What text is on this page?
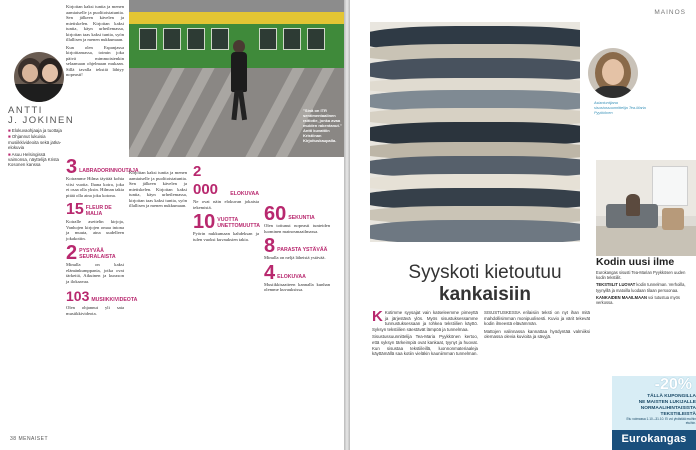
ANTTI
J. JOKINEN
■ Elokuvaohjaaja ja tuottaja
■ Ohjannut lukuisia musiikkivideoita sekä jatka-elokuvia
■ Asuu Helsingissä vaimonsa, näyttelijä Krista Kosonen kanssa

Kirjoitan kaksi tuntia ja menen aamiaiselle ja puolitoistatuntia. Sen jälkeen kävelen ja mietiskelen. Kirjoitan kaksi tuntia, käyn urheilemassa, kirjoitan taas kaksi tuntia, syön illallisen ja menen nukkumaan.

Kun olen Espanjassa kirjoittamassa, toimin joka päivä mimmoistenkin selaamaan ohjelmaan mukaan. Sillä tavalla tekstiä lähtyy nopeasti!

"Sinä on ITR sentimentaalinen raitiotie, jonka avaa muiden rakentanut." Antti kuvattiin Kristiinan Kirjoituskaupalla.
3 LABRADORINNOUTAJA
Koiramme Hilma täyttää kohta viisi vuotta. Ihana koira, joka ei osaa olla yksin. Hilman takia pitää olla aina joku kotona.
15 FLEUR DE MALIA
Koiralle asettelin kirjoja, Vanhojen kirjojen omaa intona ja muuta, aina uudelleen jokakotiin.
2 PYSYVÄÄ SEURALAISTA
Minulla on kaksi elämänkumppania, jotka ovat tärkeitä, Aikuinen ja kuraxon ja ilokaavaa.
103 MUSIIKKIVIDEOTA
Olen ohjannut yli sata musiikkivideota.
2 000	ELOKUVAA
Ne ovat näin elokuvan jokaista tekemistä.
10 VUOTTA UNETTOMUUTTA
Pyörin nukkumaan kahdeksan ja tulen vuoksi kuvauksien takia.
60 SEKUNTIA
Olen tottunut nopeasti tunteiden luominen mainosmaailmassa.
8 PARASTA YSTÄVÄÄ
Minulla on neljä läheistä ystävää.
4 ELOKUVAA
Musiikkisaatteen kannalla kunhan olemme kuvauksissa.
Kirjoitan kaksi tuntia ja menen aamiaiselle ja puolitoistatuntia. Sen jälkeen kävelen ja mietiskelen. Kirjoitan kaksi tuntia, käyn urheilemassa, kirjoitan taas kaksi tuntia, syön illallisen ja menen nukkumaan.
38 MENAISET
MAINOS
Asiantuntijana sisustussuunnittelija Tea-Maria Pyykkönen
Syyskoti kietoutuu
kankaisiin

K Kotimme syysajat vain katseleemme pimeyttä ja järjestävä ylös. Myös sisustuksessamme tunnustuksessaan ja rohkea tekstiilien käyttö. Syksyn tekstiilien säestävät lämpöä ja tunnelmaa.

Sisustussuunnittelija Tea-Maria Pyykkönen kertoo, että syksyn tärkeimpiä ovat kankaat, tyynyt ja huovat. Kun sisustaa tekstiileillä, luonnonmateriaaleja käyttämällä saa kotiin vieläkin kauniimman tunnelman.

SISUSTUSKESSA erilaisiin teksti on nyt ihan mitä mahdollisimman monipuolisesti. Kuvio ja värit tekevät kodin ilmeestä elävämmän.

Mattojen valinnassa kannattaa hyödyntää valmiiksi olemassa olevia kuvioita ja sävyjä.

Kodin uusi ilme

Eurokangas sisusti Tea-Marian Pyykkösen uuden kodin tekstiilit.

TEKSTIILIT LUOVAT kodin tunnelman. Verhoilla, tyynyillä ja matoilla luodaan tilaan persoonaa.

KANKAIDEN MAAILMAAN voi tutustua myös verkossa.

-20%
TÄLLÄ KUPONGILLA
NE MAISTEN LUKIJALLE
NORMAALIHINTAISISTA
TEKSTIILEISTÄ
Etu voimassa 1.10.–31.10. Ei voi yhdistää muihin etuihin.
Eurokangas
